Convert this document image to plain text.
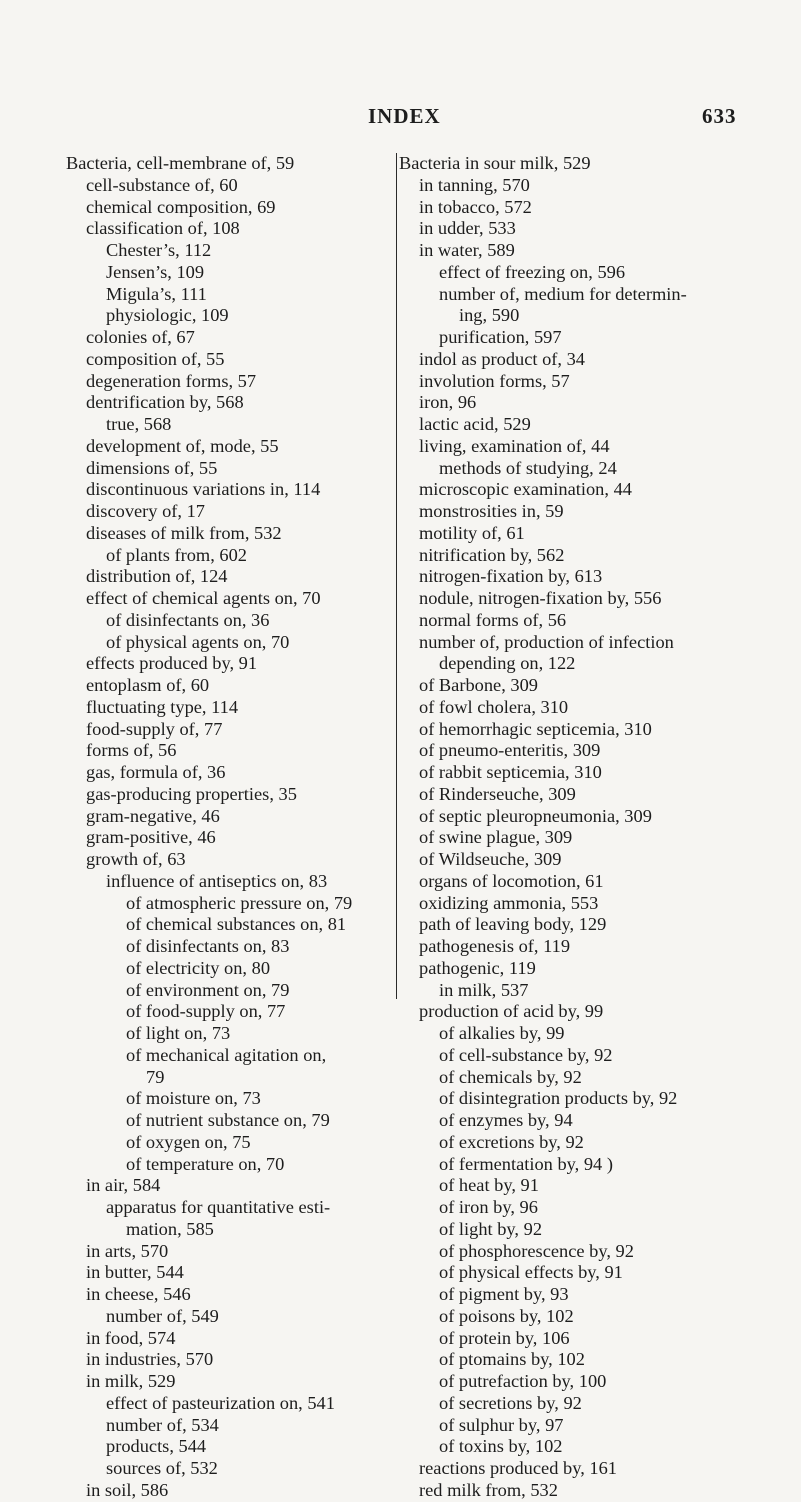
INDEX	633
Bacteria, cell-membrane of, 59
cell-substance of, 60
chemical composition, 69
classification of, 108
Chester’s, 112
Jensen’s, 109
Migula’s, 111
physiologic, 109
colonies of, 67
composition of, 55
degeneration forms, 57
dentrification by, 568
true, 568
development of, mode, 55
dimensions of, 55
discontinuous variations in, 114
discovery of, 17
diseases of milk from, 532
of plants from, 602
distribution of, 124
effect of chemical agents on, 70
of disinfectants on, 36
of physical agents on, 70
effects produced by, 91
entoplasm of, 60
fluctuating type, 114
food-supply of, 77
forms of, 56
gas, formula of, 36
gas-producing properties, 35
gram-negative, 46
gram-positive, 46
growth of, 63
influence of antiseptics on, 83
of atmospheric pressure on, 79
of chemical substances on, 81
of disinfectants on, 83
of electricity on, 80
of environment on, 79
of food-supply on, 77
of light on, 73
of mechanical agitation on,
79
of moisture on, 73
of nutrient substance on, 79
of oxygen on, 75
of temperature on, 70
in air, 584
apparatus for quantitative esti-
mation, 585
in arts, 570
in butter, 544
in cheese, 546
number of, 549
in food, 574
in industries, 570
in milk, 529
effect of pasteurization on, 541
number of, 534
products, 544
sources of, 532
in soil, 586
Bacteria in sour milk, 529
in tanning, 570
in tobacco, 572
in udder, 533
in water, 589
effect of freezing on, 596
number of, medium for determin-
ing, 590
purification, 597
indol as product of, 34
involution forms, 57
iron, 96
lactic acid, 529
living, examination of, 44
methods of studying, 24
microscopic examination, 44
monstrosities in, 59
motility of, 61
nitrification by, 562
nitrogen-fixation by, 613
nodule, nitrogen-fixation by, 556
normal forms of, 56
number of, production of infection
depending on, 122
of Barbone, 309
of fowl cholera, 310
of hemorrhagic septicemia, 310
of pneumo-enteritis, 309
of rabbit septicemia, 310
of Rinderseuche, 309
of septic pleuropneumonia, 309
of swine plague, 309
of Wildseuche, 309
organs of locomotion, 61
oxidizing ammonia, 553
path of leaving body, 129
pathogenesis of, 119
pathogenic, 119
in milk, 537
production of acid by, 99
of alkalies by, 99
of cell-substance by, 92
of chemicals by, 92
of disintegration products by, 92
of enzymes by, 94
of excretions by, 92
of fermentation by, 94 )
of heat by, 91
of iron by, 96
of light by, 92
of phosphorescence by, 92
of physical effects by, 91
of pigment by, 93
of poisons by, 102
of protein by, 106
of ptomains by, 102
of putrefaction by, 100
of secretions by, 92
of sulphur by, 97
of toxins by, 102
reactions produced by, 161
red milk from, 532
